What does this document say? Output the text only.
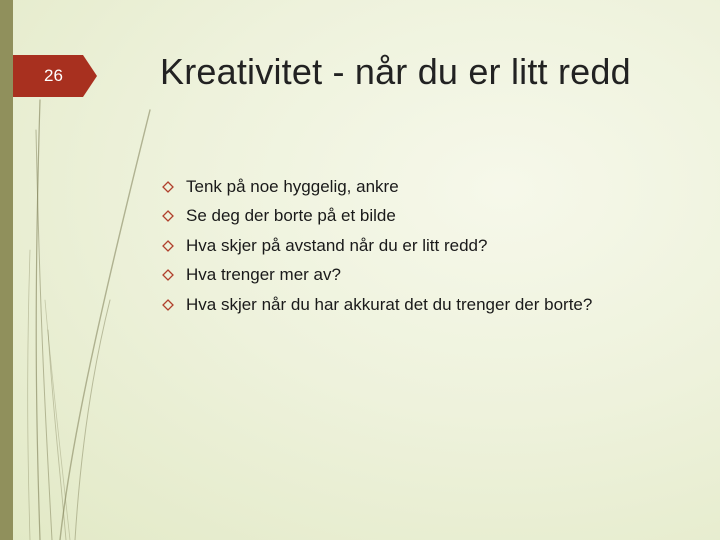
26	Kreativitet - når du er litt redd
Tenk på noe hyggelig, ankre
Se deg der borte på et bilde
Hva skjer på avstand når du er litt redd?
Hva trenger mer av?
Hva skjer når du har akkurat det du trenger der borte?
